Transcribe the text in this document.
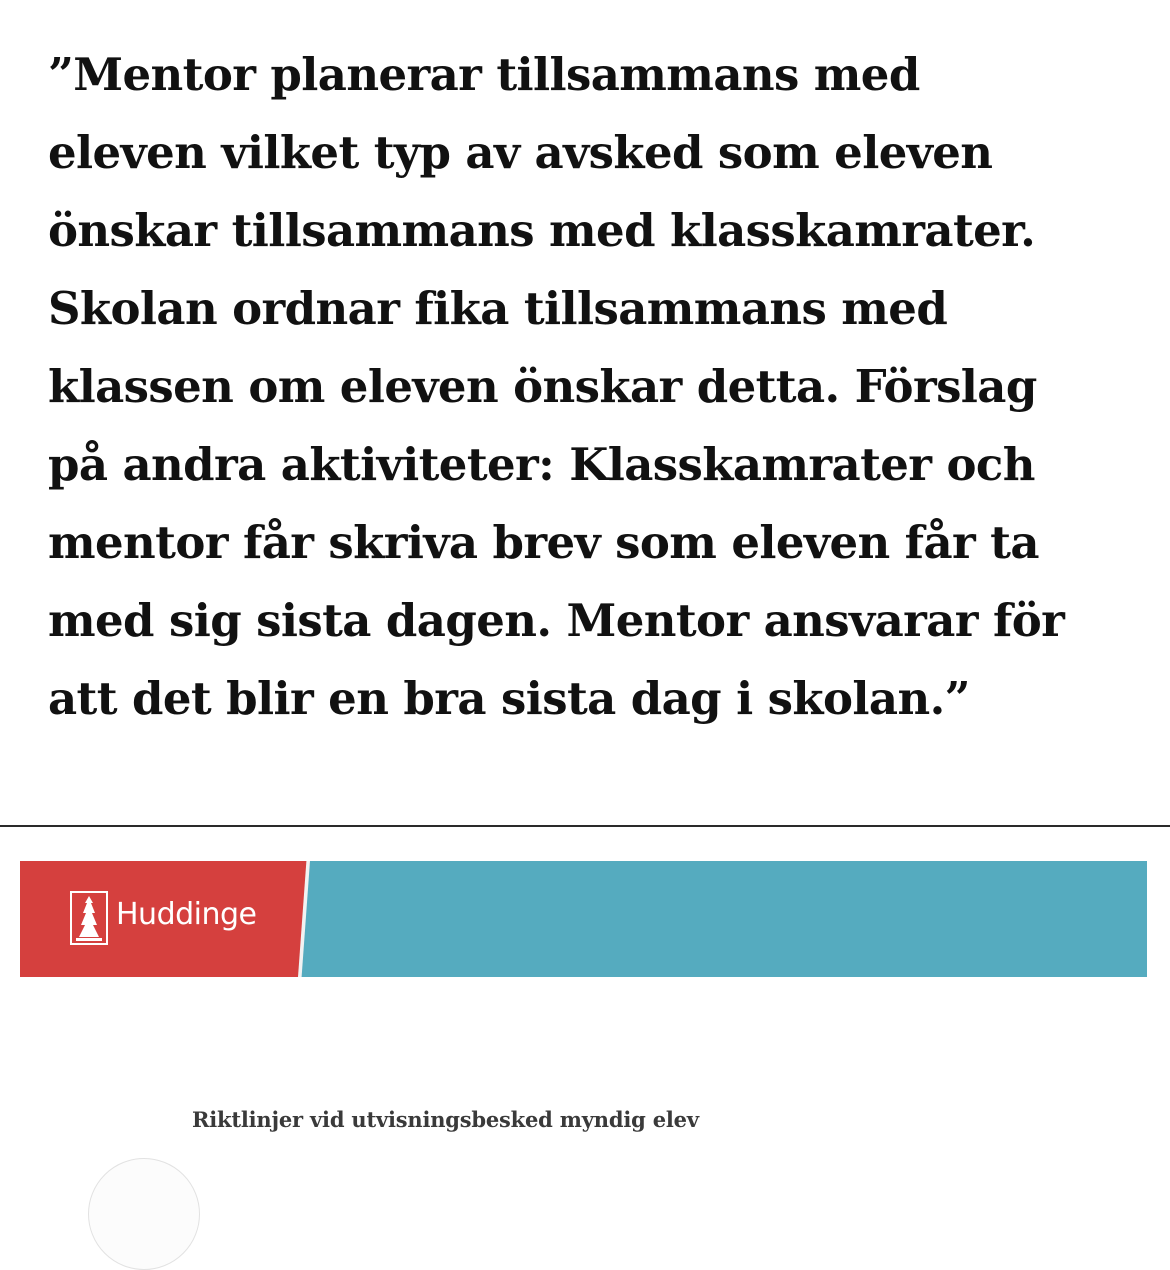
”Mentor planerar tillsammans med
eleven vilket typ av avsked som eleven
önskar tillsammans med klasskamrater.
Skolan ordnar fika tillsammans med
klassen om eleven önskar detta. Förslag
på andra aktiviteter: Klasskamrater och
mentor får skriva brev som eleven får ta
med sig sista dagen. Mentor ansvarar för
att det blir en bra sista dag i skolan.”
Huddinge
Riktlinjer vid utvisningsbesked myndig elev
